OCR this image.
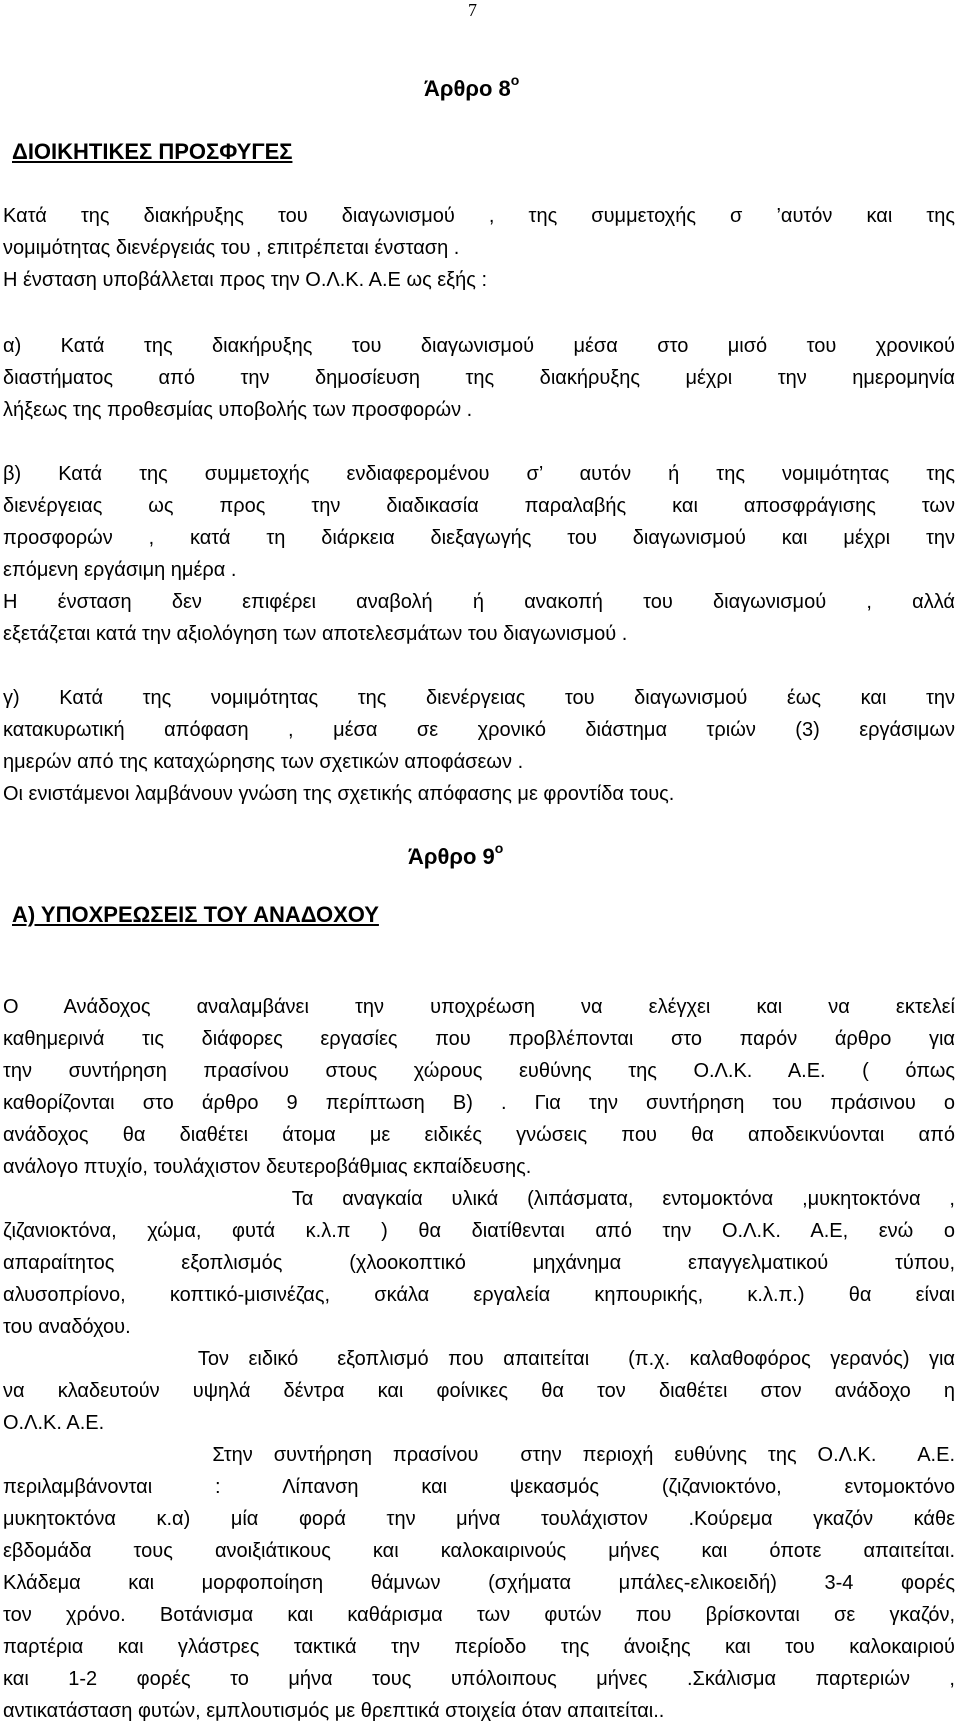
7
Άρθρο $8^o$
ΔΙΟΙΚΗΤΙΚΕΣ ΠΡΟΣΦΥΓΕΣ
Κατά της διακήρυξης του διαγωνισμού , της συμμετοχής σ ’αυτόν και της
νομιμότητας διενέργειάς του , επιτρέπεται ένσταση .
Η ένσταση υποβάλλεται προς την Ο.Λ.Κ. Α.Ε ως εξής :
α) Κατά της διακήρυξης του διαγωνισμού μέσα στο μισό του χρονικού
διαστήματος από την δημοσίευση της διακήρυξης μέχρι την ημερομηνία
λήξεως της προθεσμίας υποβολής των προσφορών .
β) Κατά της συμμετοχής ενδιαφερομένου σ’ αυτόν ή της νομιμότητας της
διενέργειας ως προς την διαδικασία παραλαβής και αποσφράγισης των
προσφορών , κατά τη διάρκεια διεξαγωγής του διαγωνισμού και μέχρι την
επόμενη εργάσιμη ημέρα .
Η ένσταση δεν επιφέρει αναβολή ή ανακοπή του διαγωνισμού , αλλά
εξετάζεται κατά την αξιολόγηση των αποτελεσμάτων του διαγωνισμού .
γ) Κατά της νομιμότητας της διενέργειας του διαγωνισμού έως και την
κατακυρωτική απόφαση , μέσα σε χρονικό διάστημα τριών (3) εργάσιμων
ημερών από της καταχώρησης των σχετικών αποφάσεων .
Οι ενιστάμενοι λαμβάνουν γνώση της σχετικής απόφασης με φροντίδα τους.
Άρθρο $9^o$
Α) ΥΠΟΧΡΕΩΣΕΙΣ ΤΟΥ ΑΝΑΔΟΧΟΥ
Ο Ανάδοχος αναλαμβάνει την υποχρέωση να ελέγχει και να εκτελεί
καθημερινά τις διάφορες εργασίες που προβλέπονται στο παρόν άρθρο για
την συντήρηση πρασίνου στους χώρους ευθύνης της Ο.Λ.Κ. Α.Ε. ( όπως
καθορίζονται στο άρθρο 9 περίπτωση Β) . Για την συντήρηση του πράσινου ο
ανάδοχος θα διαθέτει άτομα με ειδικές γνώσεις που θα αποδεικνύονται από
ανάλογο πτυχίο, τουλάχιστον δευτεροβάθμιας εκπαίδευσης.
Τα αναγκαία υλικά (λιπάσματα, εντομοκτόνα ,μυκητοκτόνα ,
ζιζανιοκτόνα, χώμα, φυτά κ.λ.π ) θα διατίθενται από την Ο.Λ.Κ. Α.Ε, ενώ ο
απαραίτητος εξοπλισμός (χλοοκοπτικό μηχάνημα επαγγελματικού τύπου,
αλυσοπρίονο, κοπτικό-μισινέζας, σκάλα εργαλεία κηπουρικής, κ.λ.π.) θα είναι
του αναδόχου.
Τον ειδικό  εξοπλισμό που απαιτείται  (π.χ. καλαθοφόρος γερανός) για
να κλαδευτούν υψηλά δέντρα και φοίνικες θα τον διαθέτει στον ανάδοχο η
Ο.Λ.Κ. Α.Ε.
Στην συντήρηση πρασίνου  στην περιοχή ευθύνης της Ο.Λ.Κ.  Α.Ε.
περιλαμβάνονται : Λίπανση και ψεκασμός (ζιζανιοκτόνο, εντομοκτόνο
μυκητοκτόνα κ.α) μία φορά την μήνα τουλάχιστον .Κούρεμα γκαζόν κάθε
εβδομάδα τους ανοιξιάτικους και καλοκαιρινούς μήνες και όποτε απαιτείται.
Κλάδεμα και μορφοποίηση θάμνων (σχήματα μπάλες-ελικοειδή) 3-4 φορές
τον χρόνο. Βοτάνισμα και καθάρισμα των φυτών που βρίσκονται σε γκαζόν,
παρτέρια και γλάστρες τακτικά την περίοδο της άνοιξης και του καλοκαιριού
και 1-2 φορές το μήνα τους υπόλοιπους μήνες .Σκάλισμα παρτεριών ,
αντικατάσταση φυτών, εμπλουτισμός με θρεπτικά στοιχεία όταν απαιτείται..
